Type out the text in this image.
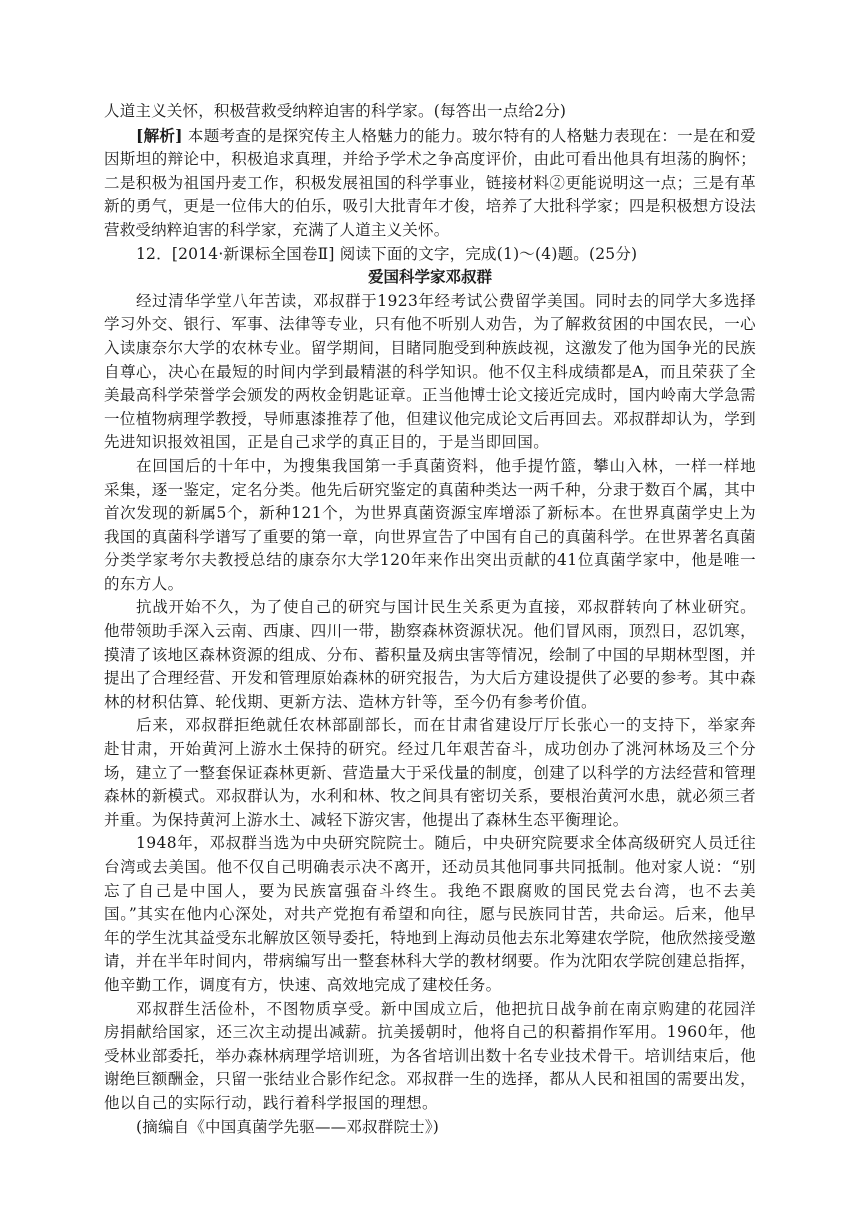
人道主义关怀，积极营救受纳粹迫害的科学家。(每答出一点给2分)

[解析] 本题考查的是探究传主人格魅力的能力。玻尔特有的人格魅力表现在：一是在和爱因斯坦的辩论中，积极追求真理，并给予学术之争高度评价，由此可看出他具有坦荡的胸怀；二是积极为祖国丹麦工作，积极发展祖国的科学事业，链接材料②更能说明这一点；三是有革新的勇气，更是一位伟大的伯乐，吸引大批青年才俊，培养了大批科学家；四是积极想方设法营救受纳粹迫害的科学家，充满了人道主义关怀。

12．[2014·新课标全国卷Ⅱ] 阅读下面的文字，完成(1)～(4)题。(25分)

爱国科学家邓叔群

经过清华学堂八年苦读，邓叔群于1923年经考试公费留学美国。同时去的同学大多选择学习外交、银行、军事、法律等专业，只有他不听别人劝告，为了解救贫困的中国农民，一心入读康奈尔大学的农林专业。留学期间，目睹同胞受到种族歧视，这激发了他为国争光的民族自尊心，决心在最短的时间内学到最精湛的科学知识。他不仅主科成绩都是A，而且荣获了全美最高科学荣誉学会颁发的两枚金钥匙证章。正当他博士论文接近完成时，国内岭南大学急需一位植物病理学教授，导师惠漆推荐了他，但建议他完成论文后再回去。邓叔群却认为，学到先进知识报效祖国，正是自己求学的真正目的，于是当即回国。

在回国后的十年中，为搜集我国第一手真菌资料，他手提竹篮，攀山入林，一样一样地采集，逐一鉴定，定名分类。他先后研究鉴定的真菌种类达一两千种，分隶于数百个属，其中首次发现的新属5个，新种121个，为世界真菌资源宝库增添了新标本。在世界真菌学史上为我国的真菌科学谱写了重要的第一章，向世界宣告了中国有自己的真菌科学。在世界著名真菌分类学家考尔夫教授总结的康奈尔大学120年来作出突出贡献的41位真菌学家中，他是唯一的东方人。

抗战开始不久，为了使自己的研究与国计民生关系更为直接，邓叔群转向了林业研究。他带领助手深入云南、西康、四川一带，勘察森林资源状况。他们冒风雨，顶烈日，忍饥寒，摸清了该地区森林资源的组成、分布、蓄积量及病虫害等情况，绘制了中国的早期林型图，并提出了合理经营、开发和管理原始森林的研究报告，为大后方建设提供了必要的参考。其中森林的材积估算、轮伐期、更新方法、造林方针等，至今仍有参考价值。

后来，邓叔群拒绝就任农林部副部长，而在甘肃省建设厅厅长张心一的支持下，举家奔赴甘肃，开始黄河上游水土保持的研究。经过几年艰苦奋斗，成功创办了洮河林场及三个分场，建立了一整套保证森林更新、营造量大于采伐量的制度，创建了以科学的方法经营和管理森林的新模式。邓叔群认为，水利和林、牧之间具有密切关系，要根治黄河水患，就必须三者并重。为保持黄河上游水土、减轻下游灾害，他提出了森林生态平衡理论。

1948年，邓叔群当选为中央研究院院士。随后，中央研究院要求全体高级研究人员迁往台湾或去美国。他不仅自己明确表示决不离开，还动员其他同事共同抵制。他对家人说：“别忘了自己是中国人，要为民族富强奋斗终生。我绝不跟腐败的国民党去台湾，也不去美国。”其实在他内心深处，对共产党抱有希望和向往，愿与民族同甘苦，共命运。后来，他早年的学生沈其益受东北解放区领导委托，特地到上海动员他去东北筹建农学院，他欣然接受邀请，并在半年时间内，带病编写出一整套林科大学的教材纲要。作为沈阳农学院创建总指挥，他辛勤工作，调度有方，快速、高效地完成了建校任务。

邓叔群生活俭朴，不图物质享受。新中国成立后，他把抗日战争前在南京购建的花园洋房捐献给国家，还三次主动提出减薪。抗美援朝时，他将自己的积蓄捐作军用。1960年，他受林业部委托，举办森林病理学培训班，为各省培训出数十名专业技术骨干。培训结束后，他谢绝巨额酬金，只留一张结业合影作纪念。邓叔群一生的选择，都从人民和祖国的需要出发，他以自己的实际行动，践行着科学报国的理想。

(摘编自《中国真菌学先驱——邓叔群院士》)
